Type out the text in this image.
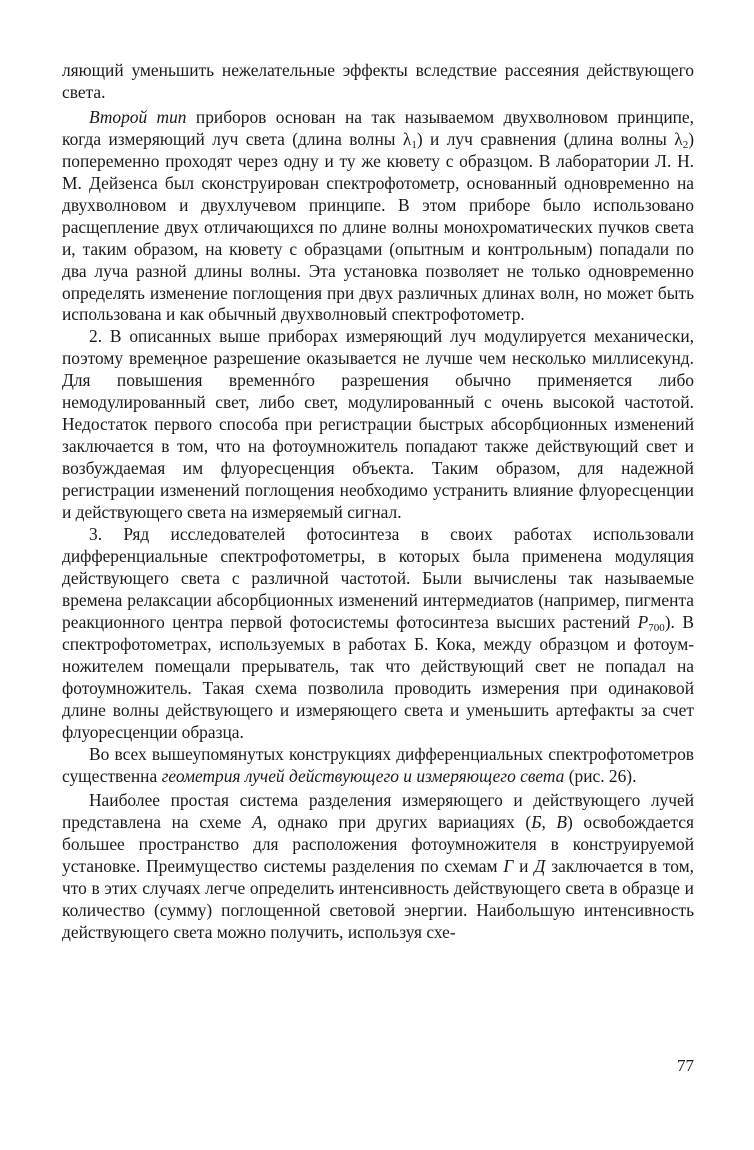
ляющий уменьшить нежелательные эффекты вследствие рассеяния действующего света.

Второй тип приборов основан на так называемом двухволновом принципе, когда измеряющий луч света (длина волны $\lambda_1$) и луч сравнения (длина волны $\lambda_2$) попеременно проходят через одну и ту же кювету с образцом. В лаборатории Л. Н. М. Дейзенса был сконструирован спектрофотометр, основанный одновременно на двухволновом и двухлучевом принципе. В этом приборе было использовано расщепление двух отличающихся по длине волны монохроматических пучков света и, таким образом, на кювету с образцами (опытным и контрольным) попадали по два луча разной длины волны. Эта установка позволяет не только одновременно определять изменение поглощения при двух различных длинах волн, но может быть использована и как обычный двухволновый спектрофотометр.

2. В описанных выше приборах измеряющий луч модулируется механически, поэтому времеңное разрешение оказывается не лучше чем несколько миллисекунд. Для повышения временнóго разрешения обычно применяется либо немодулированный свет, либо свет, модулированный с очень высокой частотой. Недостаток первого способа при регистрации быстрых абсорбционных изменений заключается в том, что на фотоумножитель попадают также действующий свет и возбуждаемая им флуоресценция объекта. Таким образом, для надежной регистрации изменений поглощения необходимо устранить влияние флуоресценции и действующего света на измеряемый сигнал.

3. Ряд исследователей фотосинтеза в своих работах использовали дифференциальные спектрофотометры, в которых была применена модуляция действующего света с различной частотой. Были вычислены так называемые времена релаксации абсорбционных изменений интермедиатов (например, пигмента реакционного центра первой фотосистемы фотосинтеза высших растений $P_{700}$). В спектрофотометрах, используемых в работах Б. Кока, между образцом и фотоумножителем помещали прерыватель, так что действующий свет не попадал на фотоумножитель. Такая схема позволила проводить измерения при одинаковой длине волны действующего и измеряющего света и уменьшить артефакты за счет флуоресценции образца.

Во всех вышеупомянутых конструкциях дифференциальных спектрофотометров существенна геометрия лучей действующего и измеряющего света (рис. 26).

Наиболее простая система разделения измеряющего и действующего лучей представлена на схеме А, однако при других вариациях (Б, В) освобождается большее пространство для расположения фотоумножителя в конструируемой установке. Преимущество системы разделения по схемам Г и Д заключается в том, что в этих случаях легче определить интенсивность действующего света в образце и количество (сумму) поглощенной световой энергии. Наибольшую интенсивность действующего света можно получить, используя схе-

77
